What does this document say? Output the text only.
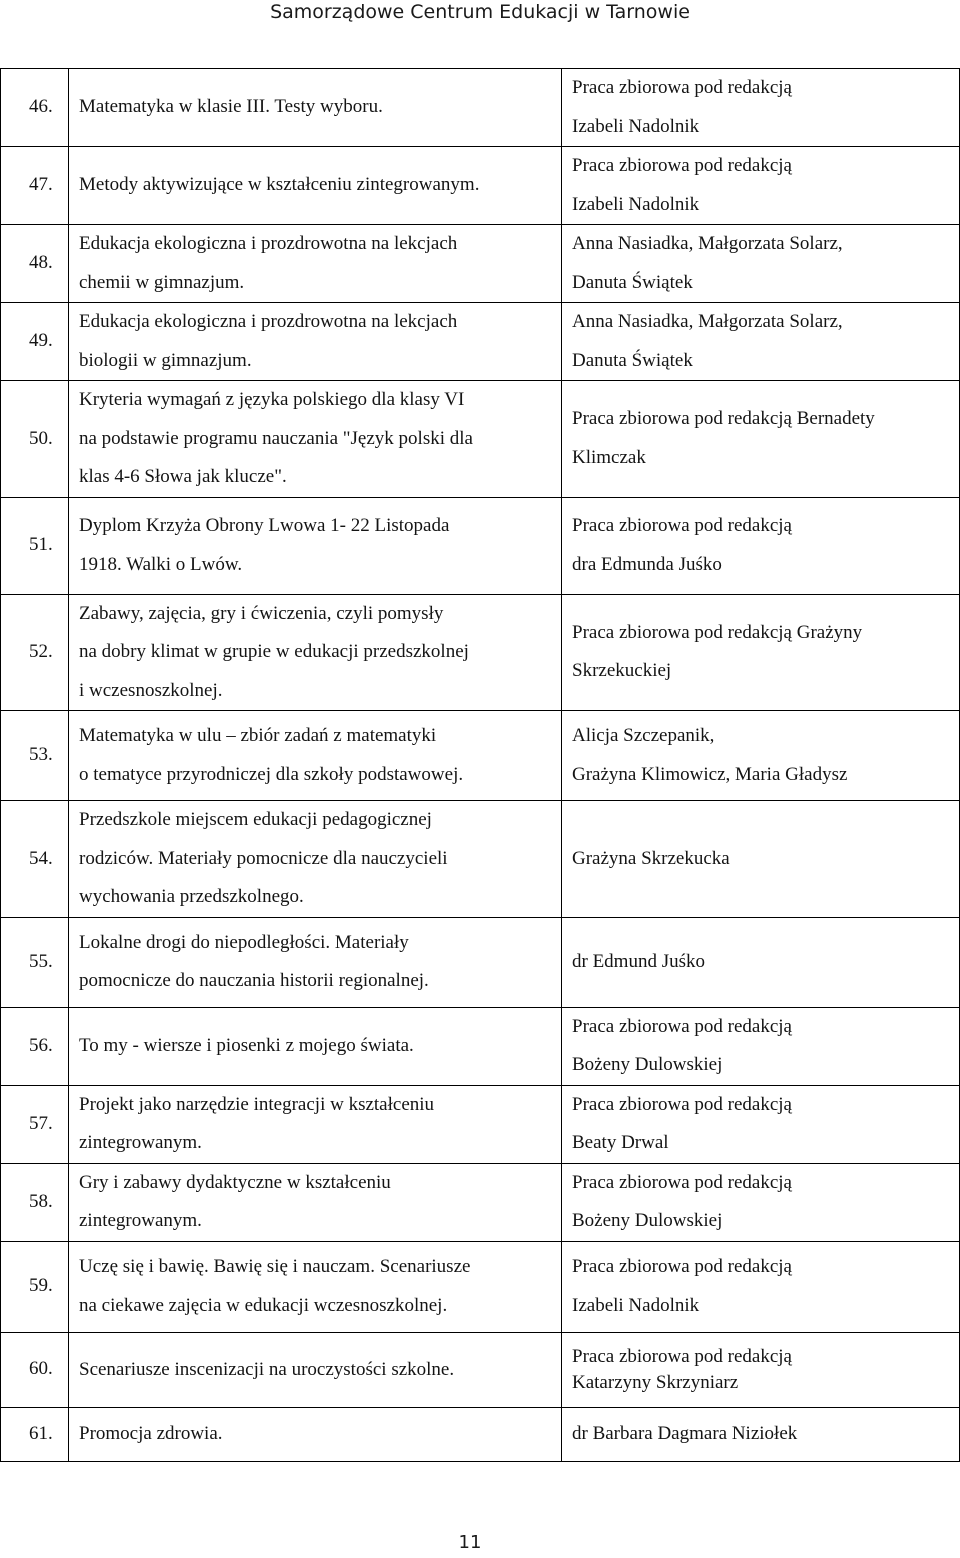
Samorządowe Centrum Edukacji w Tarnowie
46.	Matematyka w klasie III. Testy wyboru.	Praca zbiorowa pod redakcją
Izabeli Nadolnik
47.	Metody aktywizujące w kształceniu zintegrowanym.	Praca zbiorowa pod redakcją
Izabeli Nadolnik
48.	Edukacja ekologiczna i prozdrowotna na lekcjach
chemii w gimnazjum.	Anna Nasiadka, Małgorzata Solarz,
Danuta Świątek
49.	Edukacja ekologiczna i prozdrowotna na lekcjach
biologii w gimnazjum.	Anna Nasiadka, Małgorzata Solarz,
Danuta Świątek
50.	Kryteria wymagań z języka polskiego dla klasy VI
na podstawie programu nauczania "Język polski dla
klas 4-6 Słowa jak klucze".	Praca zbiorowa pod redakcją Bernadety
Klimczak
51.	Dyplom Krzyża Obrony Lwowa 1- 22 Listopada
1918. Walki o Lwów.	Praca zbiorowa pod redakcją
dra Edmunda Juśko
52.	Zabawy, zajęcia, gry i ćwiczenia, czyli pomysły
na dobry klimat w grupie w edukacji przedszkolnej
i wczesnoszkolnej.	Praca zbiorowa pod redakcją Grażyny
Skrzekuckiej
53.	Matematyka w ulu – zbiór zadań z matematyki
o tematyce przyrodniczej dla szkoły podstawowej.	Alicja Szczepanik,
Grażyna Klimowicz, Maria Gładysz
54.	Przedszkole miejscem edukacji pedagogicznej
rodziców. Materiały pomocnicze dla nauczycieli
wychowania przedszkolnego.	Grażyna Skrzekucka
55.	Lokalne drogi do niepodległości. Materiały
pomocnicze do nauczania historii regionalnej.	dr Edmund Juśko
56.	To my - wiersze i piosenki z mojego świata.	Praca zbiorowa pod redakcją
Bożeny Dulowskiej
57.	Projekt jako narzędzie integracji w kształceniu
zintegrowanym.	Praca zbiorowa pod redakcją
Beaty Drwal
58.	Gry i zabawy dydaktyczne w kształceniu
zintegrowanym.	Praca zbiorowa pod redakcją
Bożeny Dulowskiej
59.	Uczę się i bawię. Bawię się i nauczam. Scenariusze
na ciekawe zajęcia w edukacji wczesnoszkolnej.	Praca zbiorowa pod redakcją
Izabeli Nadolnik
60.	Scenariusze inscenizacji na uroczystości szkolne.	Praca zbiorowa pod redakcją
Katarzyny Skrzyniarz
61.	Promocja zdrowia.	dr Barbara Dagmara Niziołek
11
